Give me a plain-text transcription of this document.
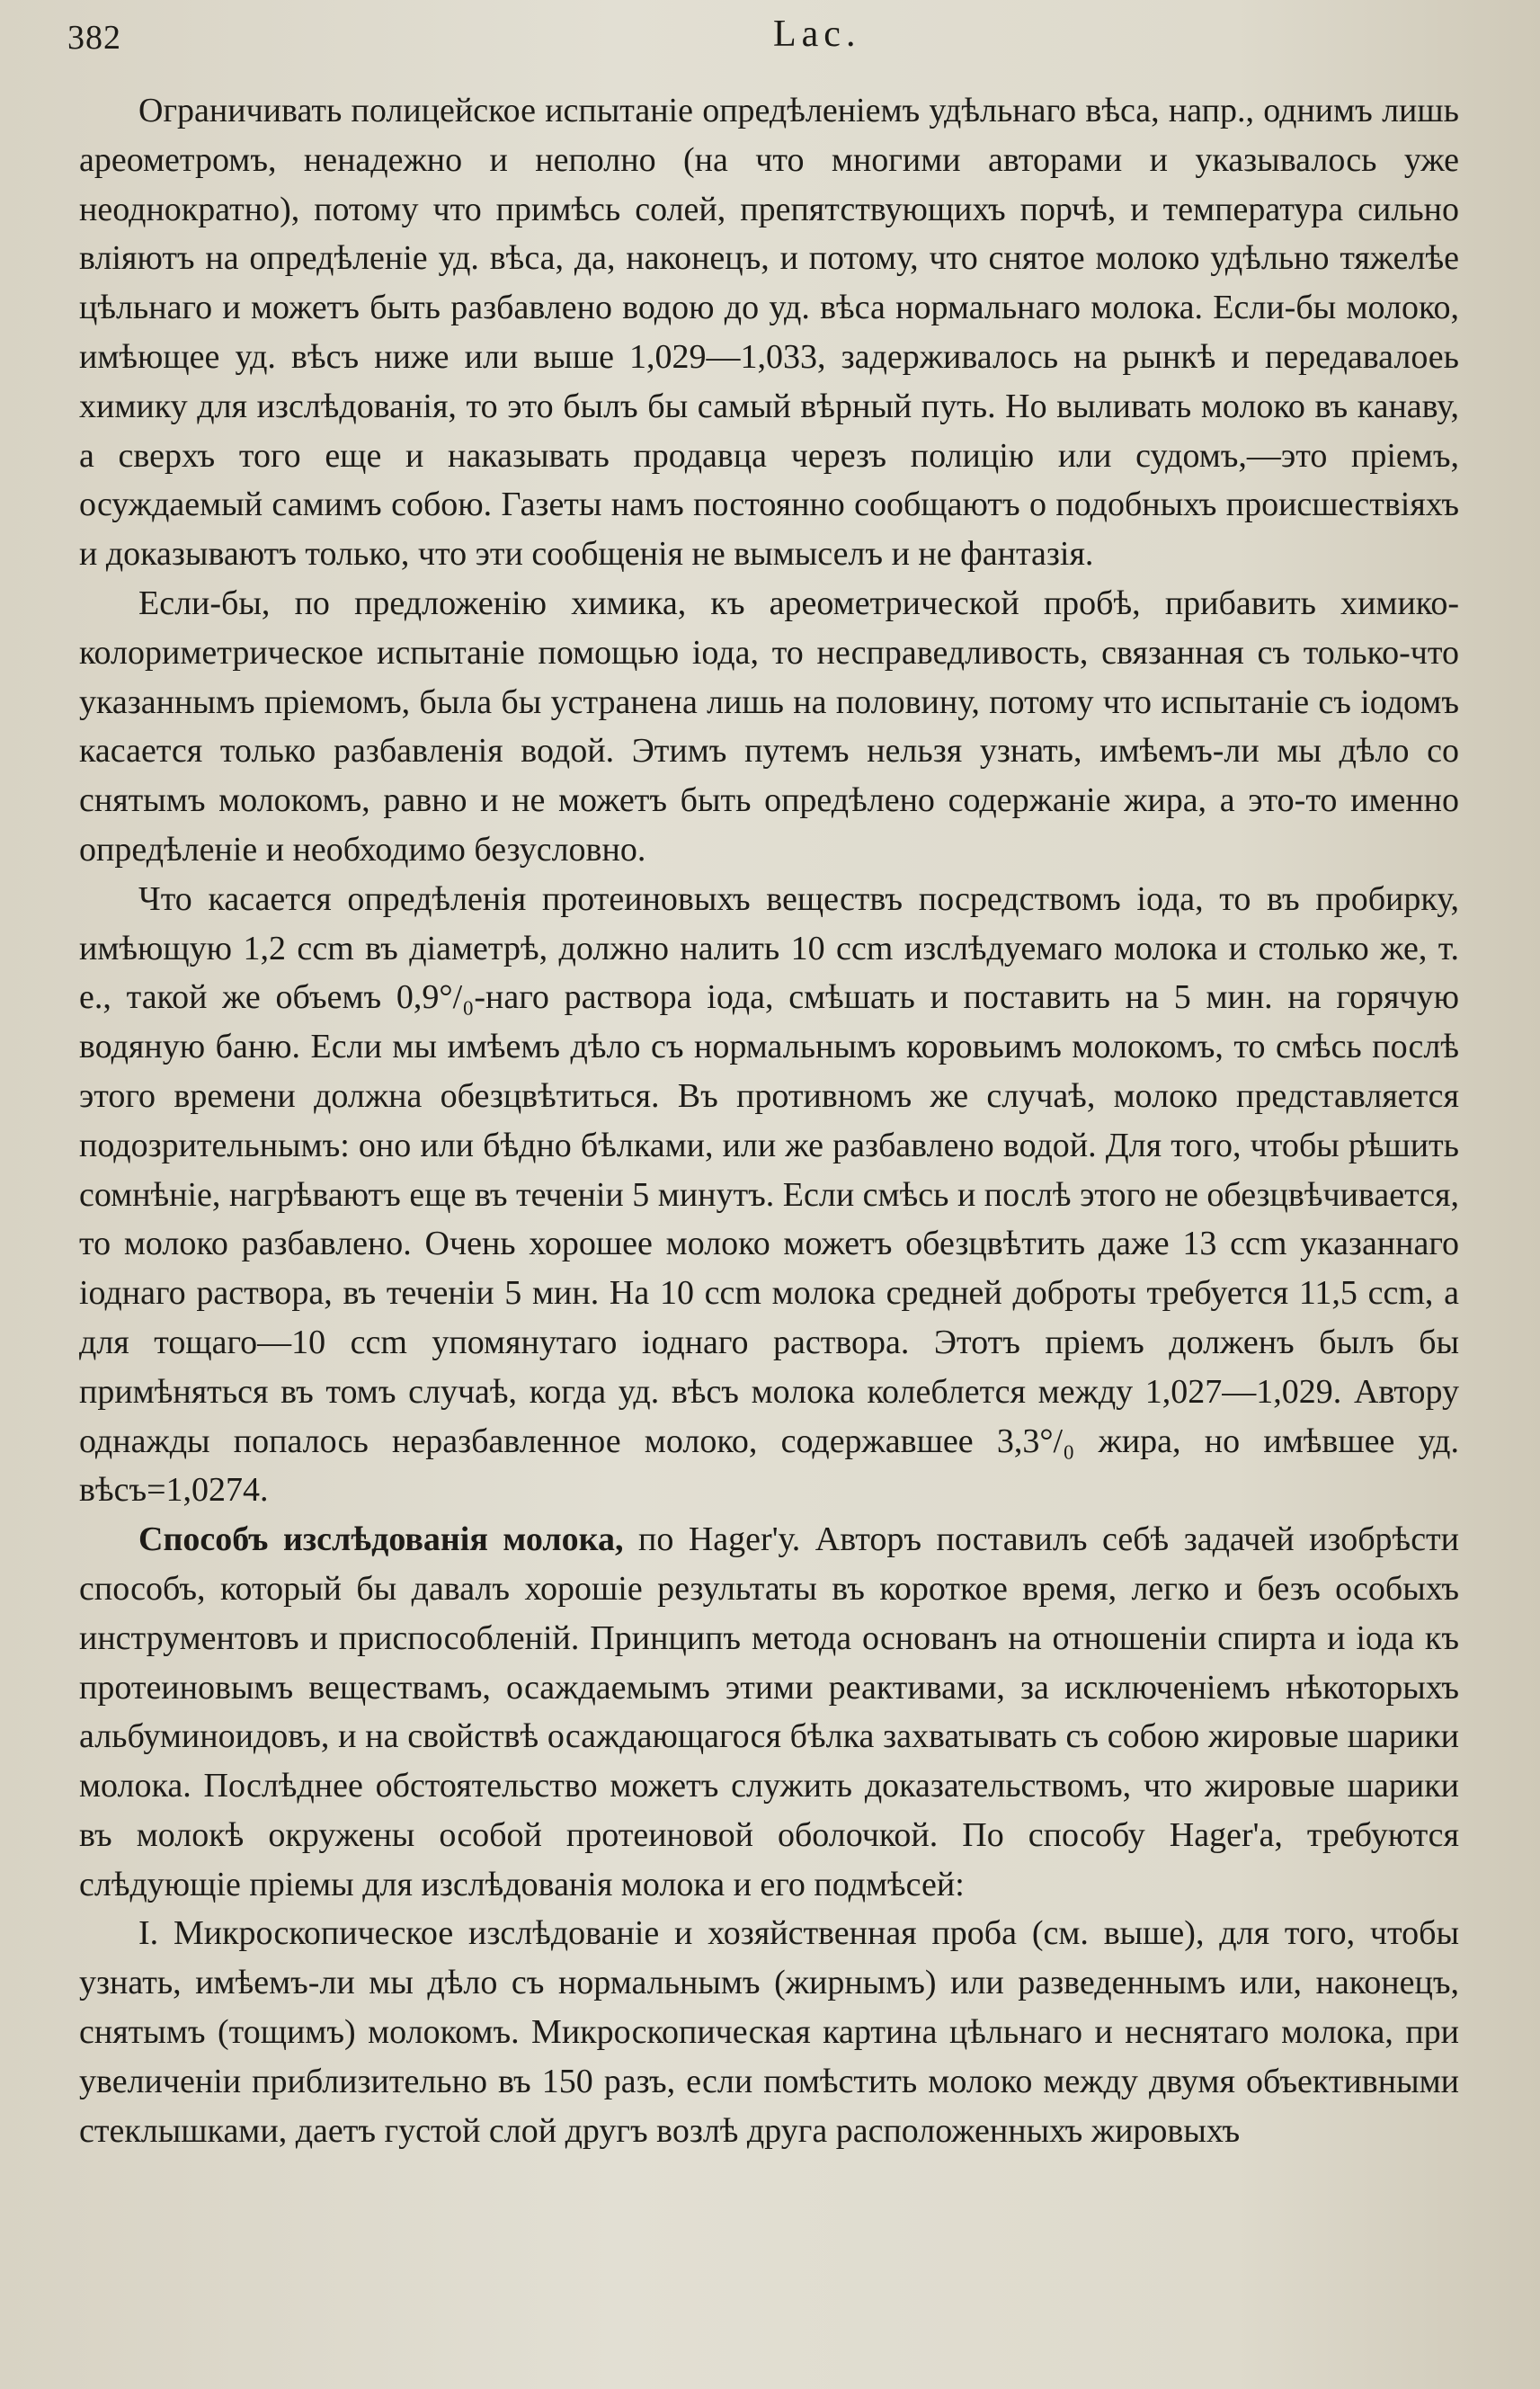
382	Lac.

Ограничивать полицейское испытаніе опредѣленіемъ удѣльнаго вѣса, напр., однимъ лишь ареометромъ, ненадежно и неполно (на что многими авторами и указывалось уже неоднократно), потому что примѣсь солей, препятствующихъ порчѣ, и температура сильно вліяютъ на опредѣленіе уд. вѣса, да, наконецъ, и потому, что снятое молоко удѣльно тяжелѣе цѣльнаго и можетъ быть разбавлено водою до уд. вѣса нормальнаго молока. Если-бы молоко, имѣющее уд. вѣсъ ниже или выше 1,029—1,033, задерживалось на рынкѣ и передавалоеь химику для изслѣдованія, то это былъ бы самый вѣрный путь. Но выливать молоко въ канаву, а сверхъ того еще и наказывать продавца черезъ полицію или судомъ,—это пріемъ, осуждаемый самимъ собою. Газеты намъ постоянно сообщаютъ о подобныхъ происшествіяхъ и доказываютъ только, что эти сообщенія не вымыселъ и не фантазія.

Если-бы, по предложенію химика, къ ареометрической пробѣ, прибавить химико-колориметрическое испытаніе помощью іода, то несправедливость, связанная съ только-что указаннымъ пріемомъ, была бы устранена лишь на половину, потому что испытаніе съ іодомъ касается только разбавленія водой. Этимъ путемъ нельзя узнать, имѣемъ-ли мы дѣло со снятымъ молокомъ, равно и не можетъ быть опредѣлено содержаніе жира, а это-то именно опредѣленіе и необходимо безусловно.

Что касается опредѣленія протеиновыхъ веществъ посредствомъ іода, то въ пробирку, имѣющую 1,2 ccm въ діаметрѣ, должно налить 10 ccm изслѣдуемаго молока и столько же, т. е., такой же объемъ 0,9°/₀-наго раствора іода, смѣшать и поставить на 5 мин. на горячую водяную баню. Если мы имѣемъ дѣло съ нормальнымъ коровьимъ молокомъ, то смѣсь послѣ этого времени должна обезцвѣтиться. Въ противномъ же случаѣ, молоко представляется подозрительнымъ: оно или бѣдно бѣлками, или же разбавлено водой. Для того, чтобы рѣшить сомнѣніе, нагрѣваютъ еще въ теченіи 5 минутъ. Если смѣсь и послѣ этого не обезцвѣчивается, то молоко разбавлено. Очень хорошее молоко можетъ обезцвѣтить даже 13 ccm указаннаго іоднаго раствора, въ теченіи 5 мин. На 10 ccm молока средней доброты требуется 11,5 ccm, а для тощаго—10 ccm упомянутаго іоднаго раствора. Этотъ пріемъ долженъ былъ бы примѣняться въ томъ случаѣ, когда уд. вѣсъ молока колеблется между 1,027—1,029. Автору однажды попалось неразбавленное молоко, содержавшее 3,3°/₀ жира, но имѣвшее уд. вѣсъ=1,0274.

Способъ изслѣдованія молока, по Hager'у. Авторъ поставилъ себѣ задачей изобрѣсти способъ, который бы давалъ хорошіе результаты въ короткое время, легко и безъ особыхъ инструментовъ и приспособленій. Принципъ метода основанъ на отношеніи спирта и іода къ протеиновымъ веществамъ, осаждаемымъ этими реактивами, за исключеніемъ нѣкоторыхъ альбуминоидовъ, и на свойствѣ осаждающагося бѣлка захватывать съ собою жировые шарики молока. Послѣднее обстоятельство можетъ служить доказательствомъ, что жировые шарики въ молокѣ окружены особой протеиновой оболочкой. По способу Hager'а, требуются слѣдующіе пріемы для изслѣдованія молока и его подмѣсей:

I. Микроскопическое изслѣдованіе и хозяйственная проба (см. выше), для того, чтобы узнать, имѣемъ-ли мы дѣло съ нормальнымъ (жирнымъ) или разведеннымъ или, наконецъ, снятымъ (тощимъ) молокомъ. Микроскопическая картина цѣльнаго и неснятаго молока, при увеличеніи приблизительно въ 150 разъ, если помѣстить молоко между двумя объективными стеклышками, даетъ густой слой другъ возлѣ друга расположенныхъ жировыхъ
